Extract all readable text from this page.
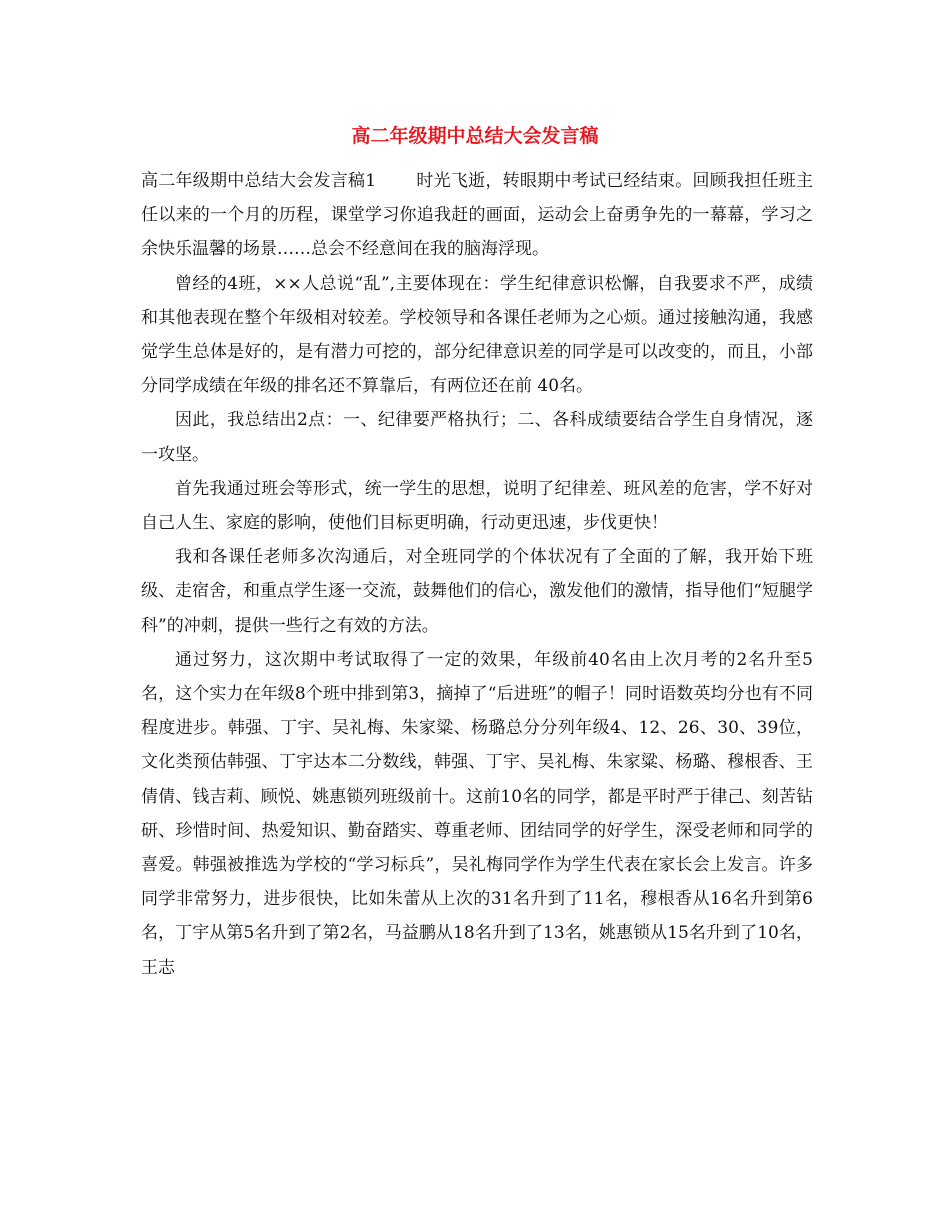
高二年级期中总结大会发言稿

高二年级期中总结大会发言稿1 时光飞逝，转眼期中考试已经结束。回顾我担任班主任以来的一个月的历程，课堂学习你追我赶的画面，运动会上奋勇争先的一幕幕，学习之余快乐温馨的场景……总会不经意间在我的脑海浮现。

曾经的4班，××人总说“乱”,主要体现在：学生纪律意识松懈，自我要求不严，成绩和其他表现在整个年级相对较差。学校领导和各课任老师为之心烦。通过接触沟通，我感觉学生总体是好的，是有潜力可挖的，部分纪律意识差的同学是可以改变的，而且，小部分同学成绩在年级的排名还不算靠后，有两位还在前 40名。

因此，我总结出2点：一、纪律要严格执行；二、各科成绩要结合学生自身情况，逐一攻坚。

首先我通过班会等形式，统一学生的思想，说明了纪律差、班风差的危害，学不好对自己人生、家庭的影响，使他们目标更明确，行动更迅速，步伐更快！

我和各课任老师多次沟通后，对全班同学的个体状况有了全面的了解，我开始下班级、走宿舍，和重点学生逐一交流，鼓舞他们的信心，激发他们的激情，指导他们“短腿学科”的冲刺，提供一些行之有效的方法。

通过努力，这次期中考试取得了一定的效果，年级前40名由上次月考的2名升至5名，这个实力在年级8个班中排到第3，摘掉了“后进班”的帽子！同时语数英均分也有不同程度进步。韩强、丁宇、吴礼梅、朱家粱、杨璐总分分列年级4、12、26、30、39位，文化类预估韩强、丁宇达本二分数线，韩强、丁宇、吴礼梅、朱家粱、杨璐、穆根香、王倩倩、钱吉莉、顾悦、姚惠锁列班级前十。这前10名的同学，都是平时严于律己、刻苦钻研、珍惜时间、热爱知识、勤奋踏实、尊重老师、团结同学的好学生，深受老师和同学的喜爱。韩强被推选为学校的“学习标兵”，吴礼梅同学作为学生代表在家长会上发言。许多同学非常努力，进步很快，比如朱蕾从上次的31名升到了11名，穆根香从16名升到第6名，丁宇从第5名升到了第2名，马益鹏从18名升到了13名，姚惠锁从15名升到了10名，王志
